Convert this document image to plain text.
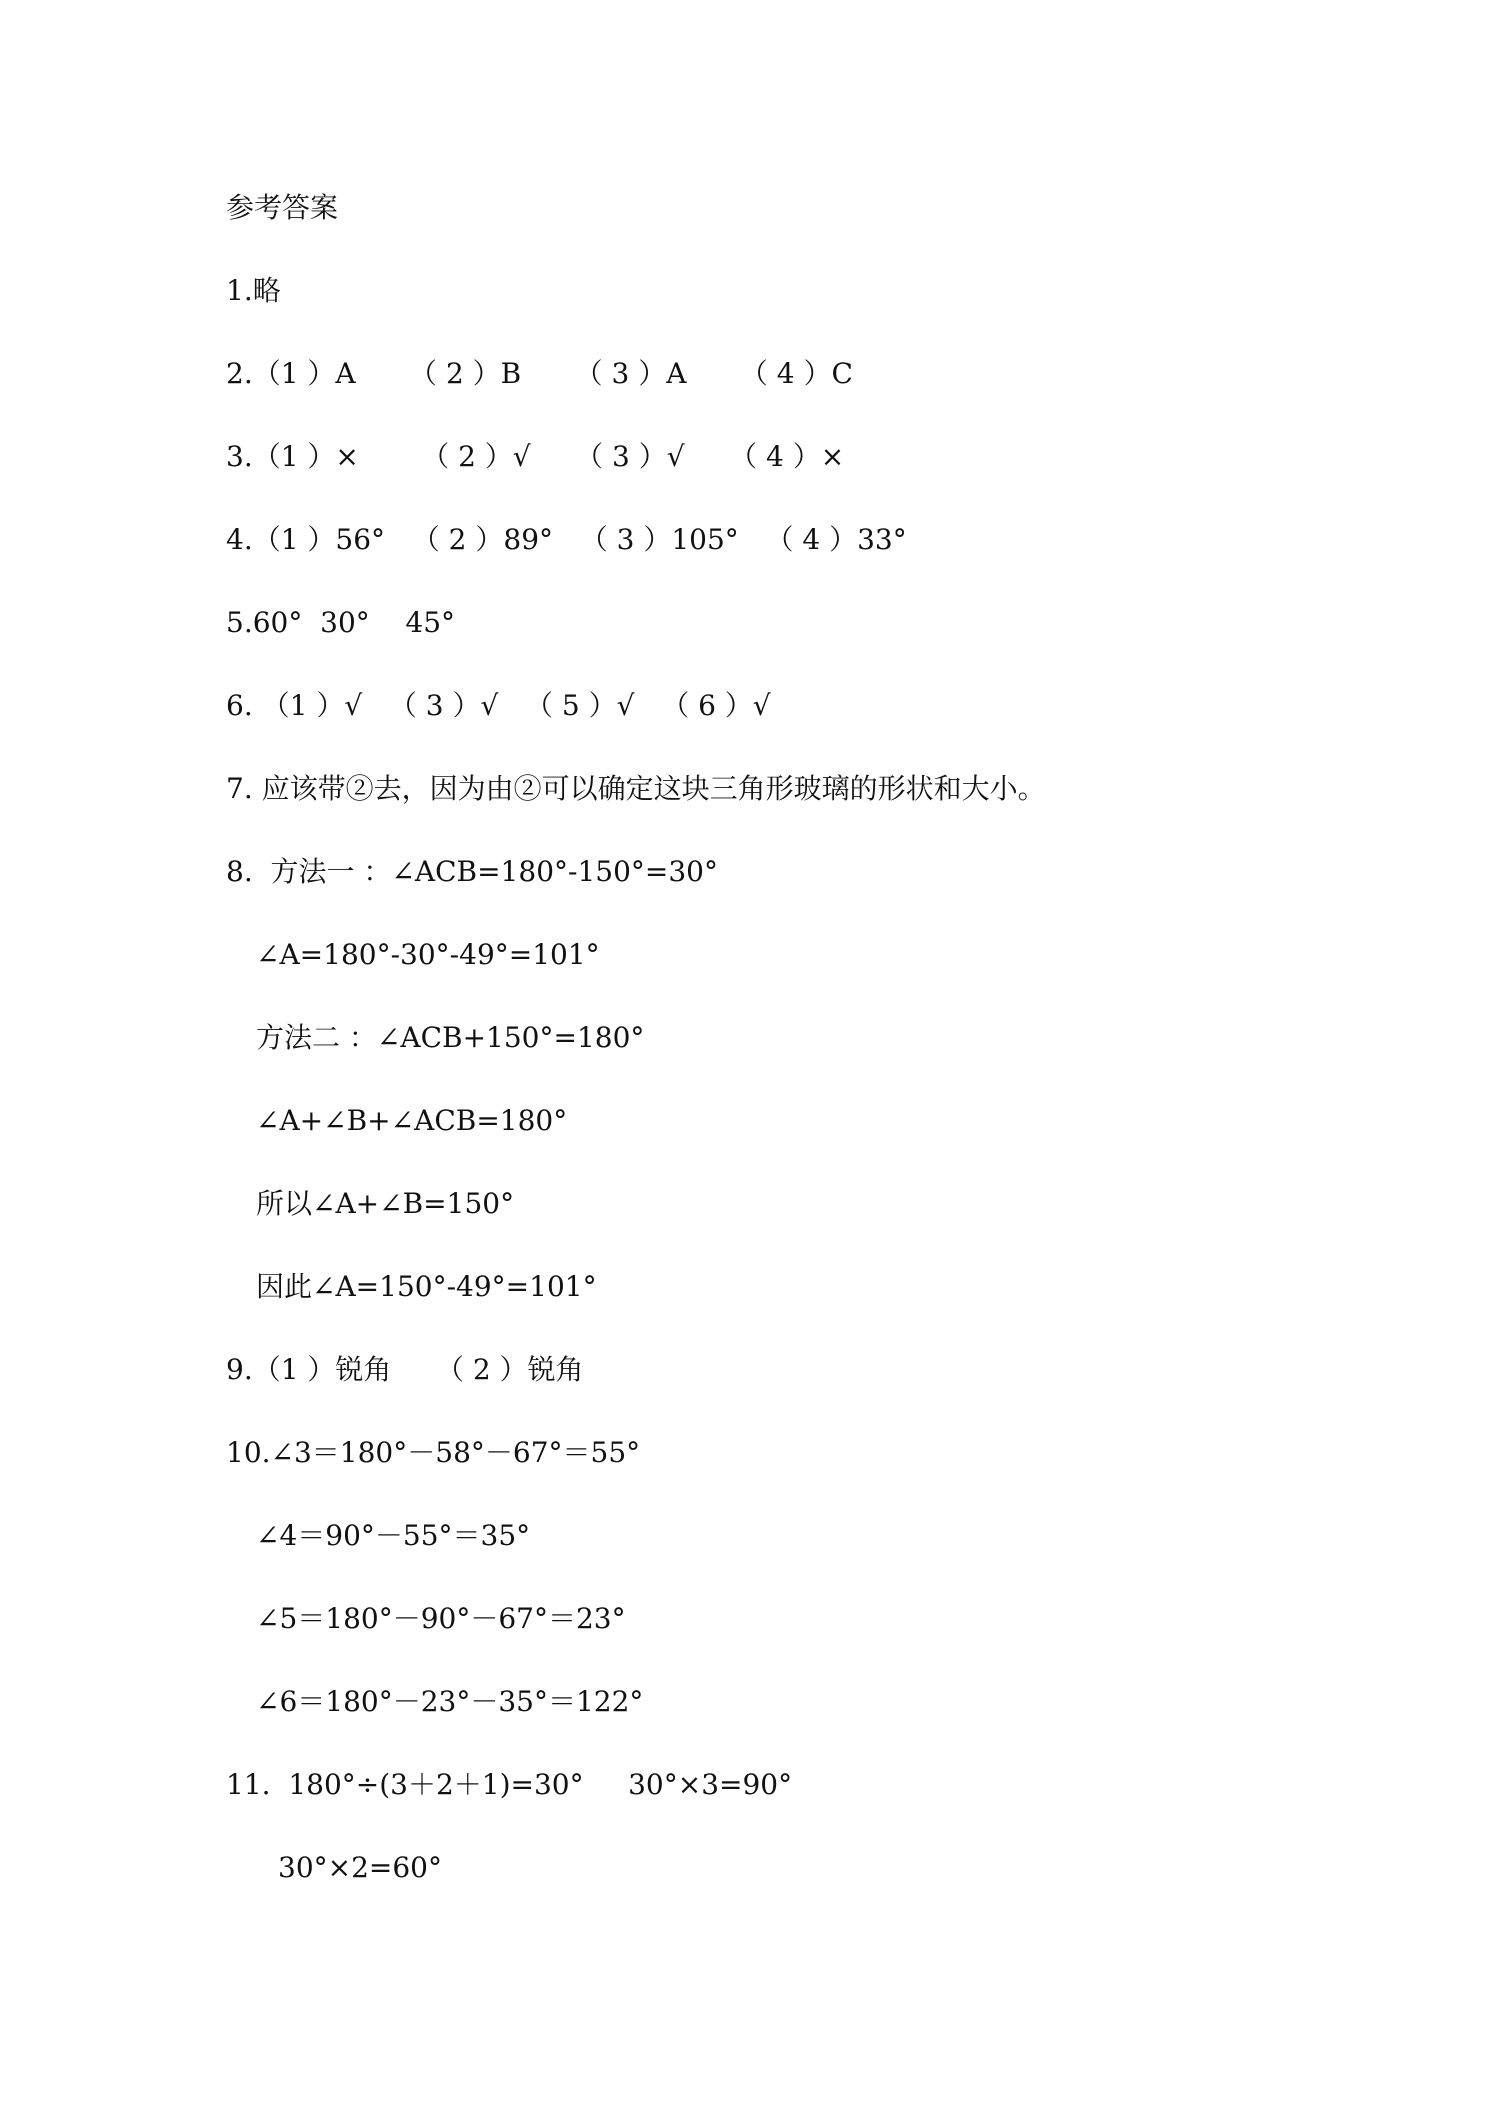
参考答案
1.略
2.（1 ）A      （ 2 ）B      （ 3 ）A      （ 4 ）C
3.（1 ）×       （ 2 ）√     （ 3 ）√     （ 4 ）×
4.（1 ）56°   （ 2 ）89°   （ 3 ）105°   （ 4 ）33°
5.60°  30°    45°
6. （1 ）√   （ 3 ）√   （ 5 ）√   （ 6 ）√
7. 应该带②去，因为由②可以确定这块三角形玻璃的形状和大小。
8.  方法一 ：∠ACB=180°-150°=30°
∠A=180°-30°-49°=101°
方法二 ：∠ACB+150°=180°
∠A+∠B+∠ACB=180°
所以∠A+∠B=150°
因此∠A=150°-49°=101°
9.（1 ）锐角     （ 2 ）锐角
10.∠3＝180°－58°－67°＝55°
∠4＝90°－55°＝35°
∠5＝180°－90°－67°＝23°
∠6＝180°－23°－35°＝122°
11.  180°÷(3＋2＋1)=30°     30°×3=90°
30°×2=60°
